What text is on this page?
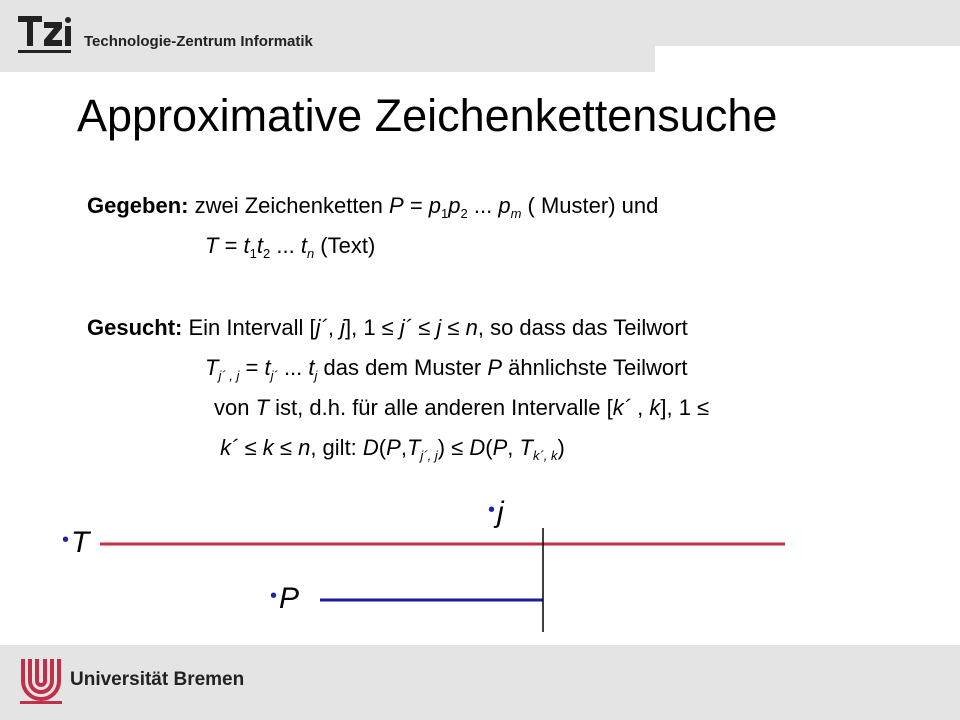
Technologie-Zentrum Informatik
Approximative Zeichenkettensuche
Gegeben: zwei Zeichenketten $P = p_1p_2$ ... $p_m$ ( Muster) und
$T = t_1t_2$ ... $t_n$ (Text)
Gesucht: Ein Intervall [j´, j], 1 ≤ j´ ≤ j ≤ n, so dass das Teilwort
$T_{j´ , j} = t_{j´}$ ... $t_j$ das dem Muster P ähnlichste Teilwort
von T ist, d.h. für alle anderen Intervalle [k´ , k], 1 ≤
k´ ≤ k ≤ n, gilt: $D(P,T_{j´, j}) \le D(P$, $T_{k´, k}$)
•T
•P
•j
Universität Bremen
